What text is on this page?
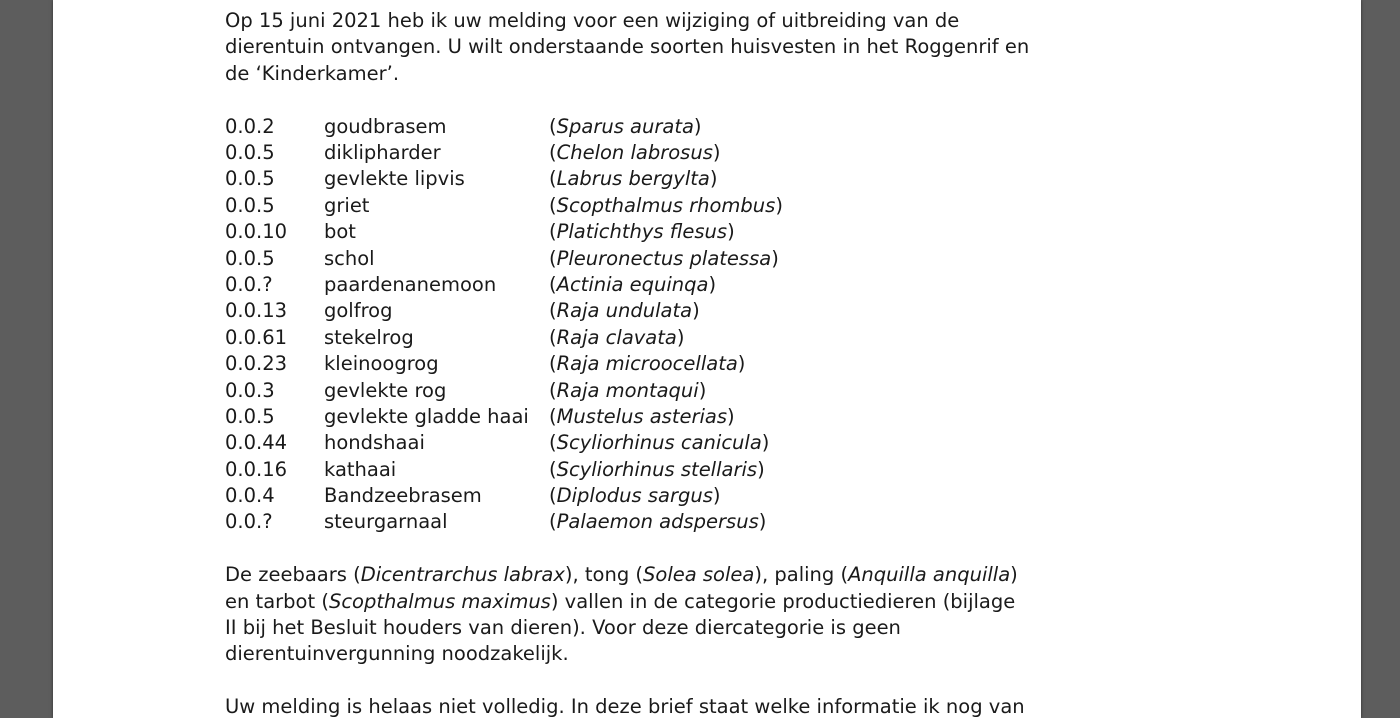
Op 15 juni 2021 heb ik uw melding voor een wijziging of uitbreiding van de

dierentuin ontvangen. U wilt onderstaande soorten huisvesten in het Roggenrif en

de ‘Kinderkamer’.

0.0.2	goudbrasem	(Sparus aurata)
0.0.5	diklipharder	(Chelon labrosus)
0.0.5	gevlekte lipvis	(Labrus bergylta)
0.0.5	griet	(Scopthalmus rhombus)
0.0.10	bot	(Platichthys flesus)
0.0.5	schol	(Pleuronectus platessa)
0.0.?	paardenanemoon	(Actinia equinqa)
0.0.13	golfrog	(Raja undulata)
0.0.61	stekelrog	(Raja clavata)
0.0.23	kleinoogrog	(Raja microocellata)
0.0.3	gevlekte rog	(Raja montaqui)
0.0.5	gevlekte gladde haai	(Mustelus asterias)
0.0.44	hondshaai	(Scyliorhinus canicula)
0.0.16	kathaai	(Scyliorhinus stellaris)
0.0.4	Bandzeebrasem	(Diplodus sargus)
0.0.?	steurgarnaal	(Palaemon adspersus)

De zeebaars (Dicentrarchus labrax), tong (Solea solea), paling (Anquilla anquilla)

en tarbot (Scopthalmus maximus) vallen in de categorie productiedieren (bijlage

II bij het Besluit houders van dieren). Voor deze diercategorie is geen

dierentuinvergunning noodzakelijk.

Uw melding is helaas niet volledig. In deze brief staat welke informatie ik nog van
